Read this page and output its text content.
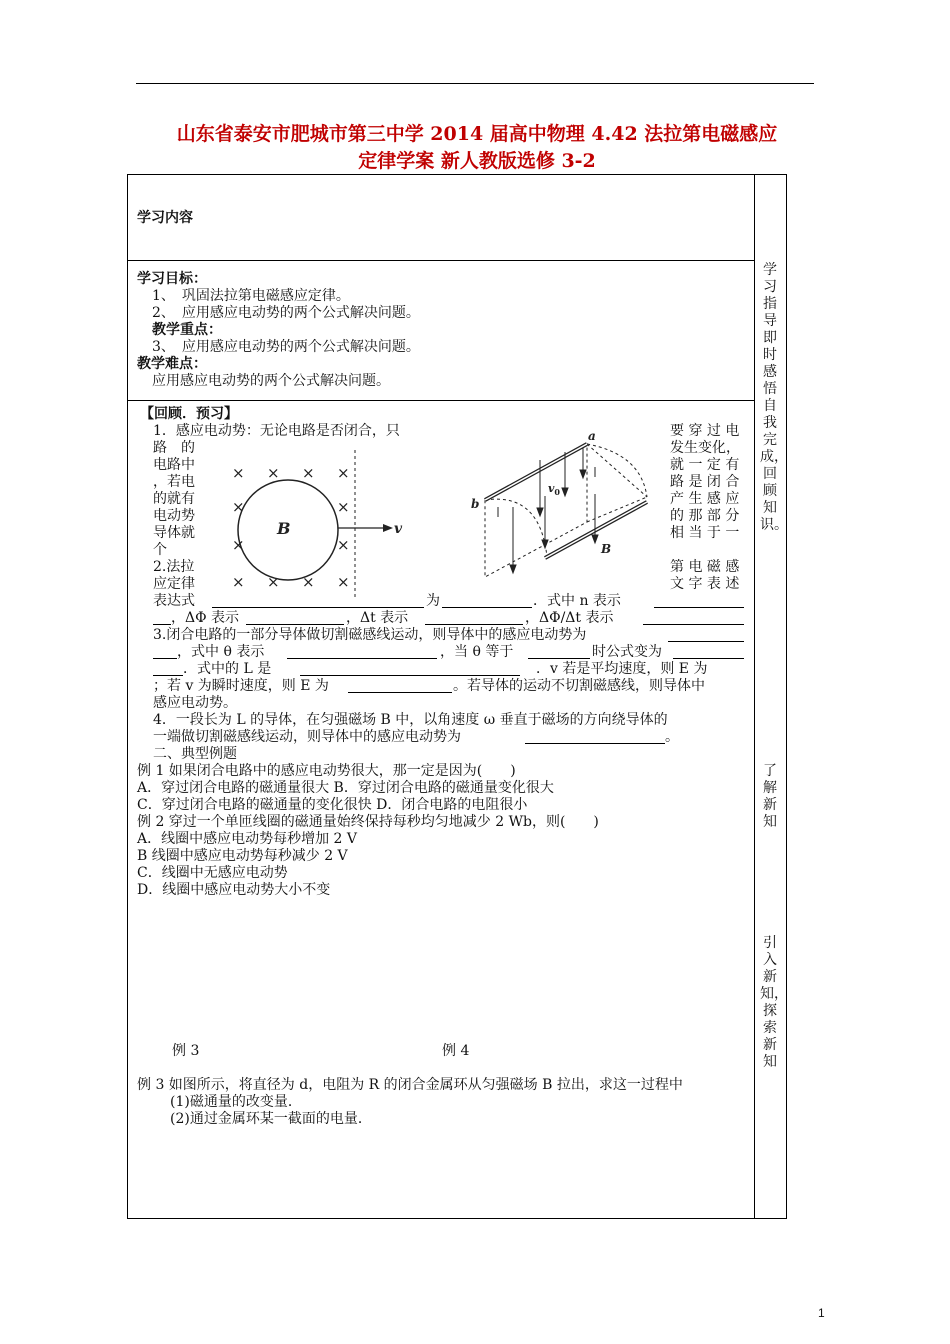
山东省泰安市肥城市第三中学 2014 届高中物理 4.42 法拉第电磁感应
定律学案 新人教版选修 3-2
学习内容
学习目标：
1、　巩固法拉第电磁感应定律。
2、　应用感应电动势的两个公式解决问题。
教学重点：
3、　应用感应电动势的两个公式解决问题。
教学难点：
应用感应电动势的两个公式解决问题。
【回顾．预习】
1．感应电动势：无论电路是否闭合，只
路　的
电路中
，若电
的就有
电动势
导体就
个
2.法拉
应定律
要 穿 过 电
发生变化，
就 一 定 有
路 是 闭 合
产 生 感 应
的 那 部 分
相 当 于 一
第 电 磁 感
文 字 表 述
× × × ×
×	×
×	×
× × × ×
B	v
a
b
$v_0$
B
表达式	为	．式中 n 表示
，ΔΦ 表示	，Δt 表示	，ΔΦ/Δt 表示
3.闭合电路的一部分导体做切割磁感线运动，则导体中的感应电动势为
，式中 θ 表示	，当 θ 等于	时公式变为
．式中的 L 是	．v 若是平均速度，则 E 为
；若 v 为瞬时速度，则 E 为	。若导体的运动不切割磁感线，则导体中
感应电动势。
4．一段长为 L 的导体，在匀强磁场 B 中，以角速度 ω 垂直于磁场的方向绕导体的
一端做切割磁感线运动，则导体中的感应电动势为	。
二、典型例题
例 1 如果闭合电路中的感应电动势很大，那一定是因为(　　)
A．穿过闭合电路的磁通量很大 B．穿过闭合电路的磁通量变化很大
C．穿过闭合电路的磁通量的变化很快 D．闭合电路的电阻很小
例 2 穿过一个单匝线圈的磁通量始终保持每秒均匀地减少 2 Wb，则(　　)
A．线圈中感应电动势每秒增加 2 V
B 线圈中感应电动势每秒减少 2 V
C．线圈中无感应电动势
D．线圈中感应电动势大小不变
例 3	例 4
例 3 如图所示，将直径为 d，电阻为 R 的闭合金属环从匀强磁场 B 拉出，求这一过程中
(1)磁通量的改变量．
(2)通过金属环某一截面的电量．
学习指导即时感悟自我完成，回顾知识。
了解新知
引入新知，探索新知
1
